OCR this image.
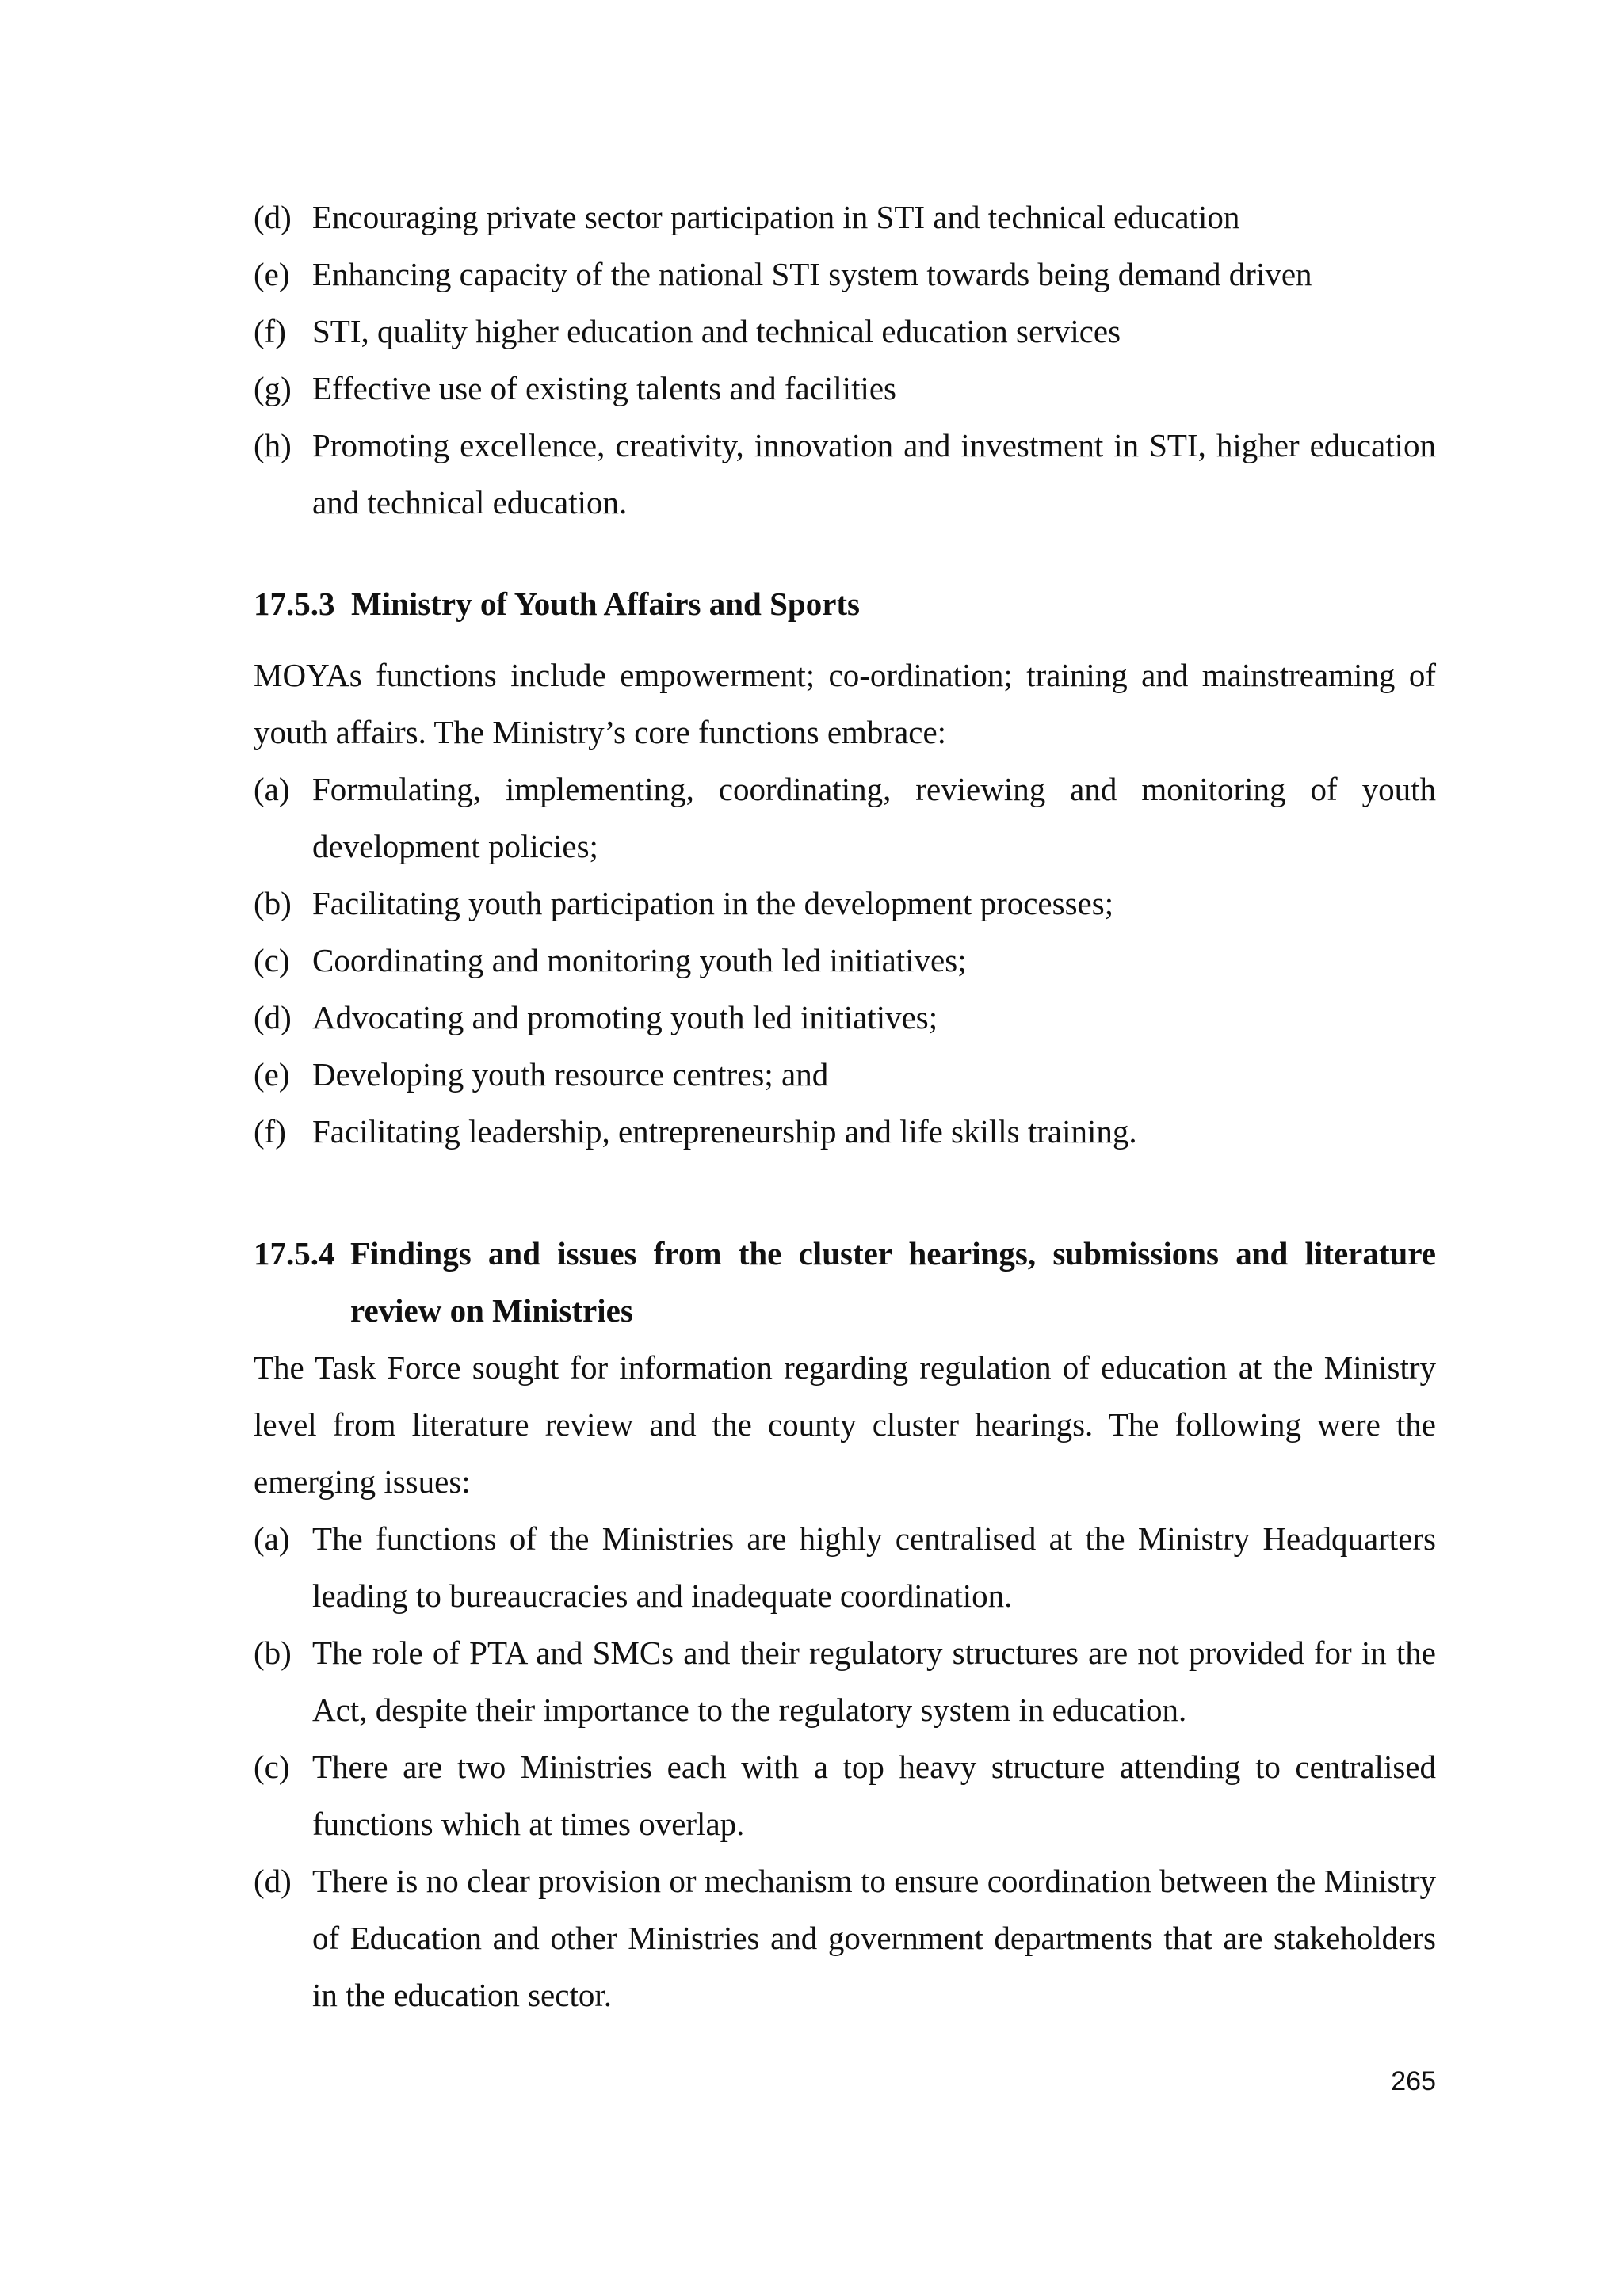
(d) Encouraging private sector participation in STI and technical education
(e) Enhancing capacity of the national STI system towards being demand driven
(f) STI, quality higher education and technical education services
(g) Effective use of existing talents and facilities
(h) Promoting excellence, creativity, innovation and investment in STI, higher education and technical education.
17.5.3 Ministry of Youth Affairs and Sports
MOYAs functions include empowerment; co-ordination; training and mainstreaming of youth affairs. The Ministry’s core functions embrace:
(a) Formulating, implementing, coordinating, reviewing and monitoring of youth development policies;
(b) Facilitating youth participation in the development processes;
(c) Coordinating and monitoring youth led initiatives;
(d) Advocating and promoting youth led initiatives;
(e) Developing youth resource centres; and
(f) Facilitating leadership, entrepreneurship and life skills training.
17.5.4 Findings and issues from the cluster hearings, submissions and literature review on Ministries
The Task Force sought for information regarding regulation of education at the Ministry level from literature review and the county cluster hearings. The following were the emerging issues:
(a) The functions of the Ministries are highly centralised at the Ministry Headquarters leading to bureaucracies and inadequate coordination.
(b) The role of PTA and SMCs and their regulatory structures are not provided for in the Act, despite their importance to the regulatory system in education.
(c) There are two Ministries each with a top heavy structure attending to centralised functions which at times overlap.
(d) There is no clear provision or mechanism to ensure coordination between the Ministry of Education and other Ministries and government departments that are stakeholders in the education sector.
265
